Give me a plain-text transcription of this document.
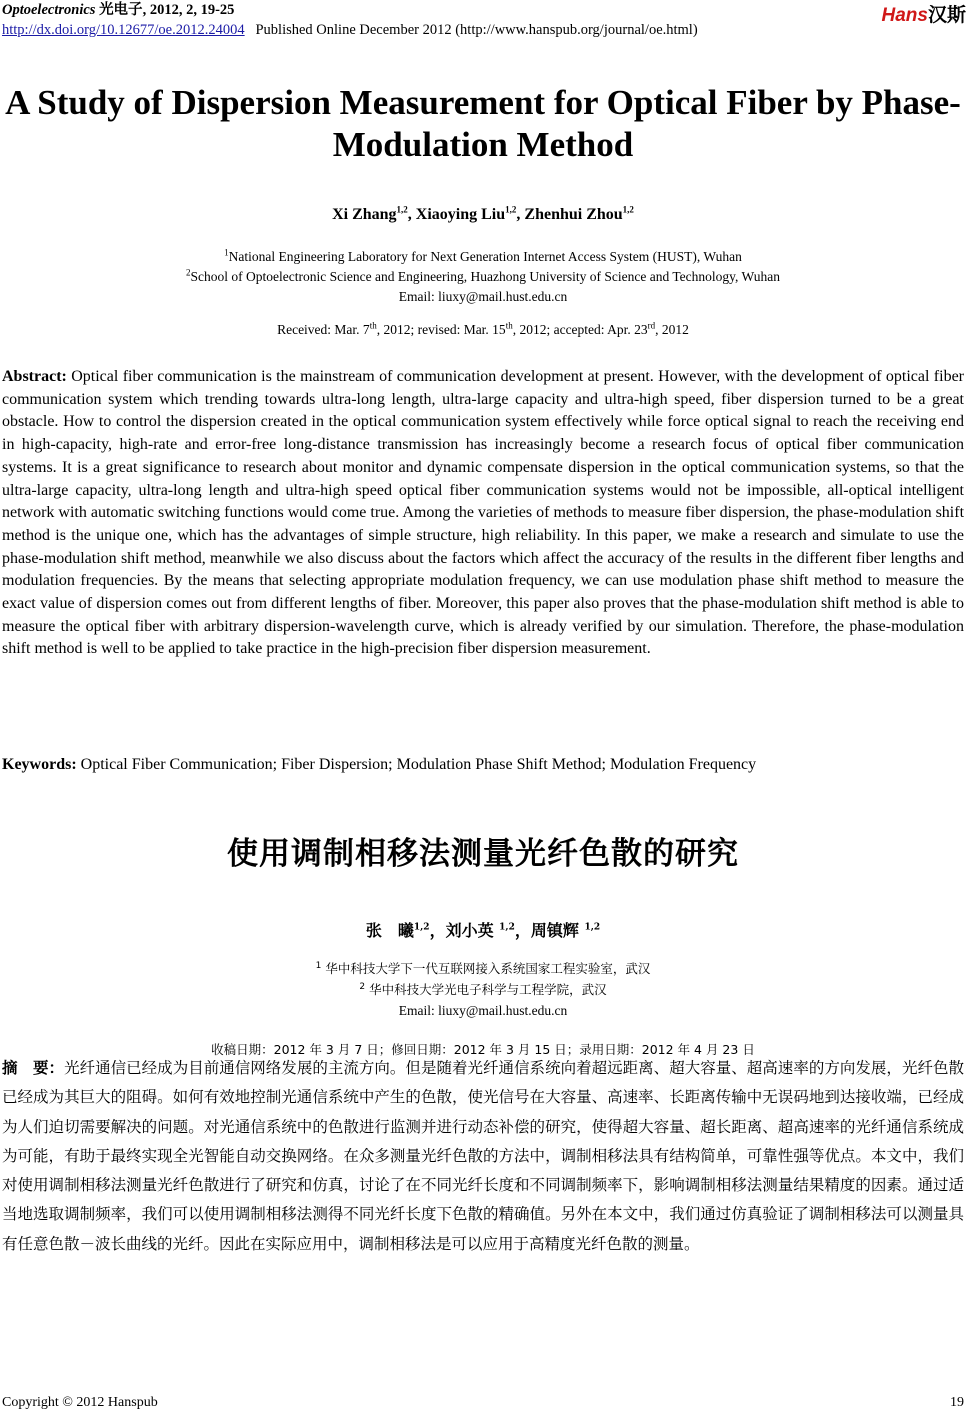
Optoelectronics 光电子, 2012, 2, 19-25
http://dx.doi.org/10.12677/oe.2012.24004 Published Online December 2012 (http://www.hanspub.org/journal/oe.html)
Hans汉斯
A Study of Dispersion Measurement for Optical Fiber by Phase-Modulation Method
Xi Zhang$^{1,2}$, Xiaoying Liu$^{1,2}$, Zhenhui Zhou$^{1,2}$
$^1$National Engineering Laboratory for Next Generation Internet Access System (HUST), Wuhan
$^2$School of Optoelectronic Science and Engineering, Huazhong University of Science and Technology, Wuhan
Email: liuxy@mail.hust.edu.cn
Received: Mar. 7th, 2012; revised: Mar. 15th, 2012; accepted: Apr. 23rd, 2012
Abstract: Optical fiber communication is the mainstream of communication development at present. However, with the development of optical fiber communication system which trending towards ultra-long length, ultra-large capacity and ultra-high speed, fiber dispersion turned to be a great obstacle. How to control the dispersion created in the optical communication system effectively while force optical signal to reach the receiving end in high-capacity, high-rate and error-free long-distance transmission has increasingly become a research focus of optical fiber communication systems. It is a great significance to research about monitor and dynamic compensate dispersion in the optical communication systems, so that the ultra-large capacity, ultra-long length and ultra-high speed optical fiber communication systems would not be impossible, all-optical intelligent network with automatic switching functions would come true. Among the varieties of methods to measure fiber dispersion, the phase-modulation shift method is the unique one, which has the advantages of simple structure, high reliability. In this paper, we make a research and simulate to use the phase-modulation shift method, meanwhile we also discuss about the factors which affect the accuracy of the results in the different fiber lengths and modulation frequencies. By the means that selecting appropriate modulation frequency, we can use modulation phase shift method to measure the exact value of dispersion comes out from different lengths of fiber. Moreover, this paper also proves that the phase-modulation shift method is able to measure the optical fiber with arbitrary dispersion-wavelength curve, which is already verified by our simulation. Therefore, the phase-modulation shift method is well to be applied to take practice in the high-precision fiber dispersion measurement.
Keywords: Optical Fiber Communication; Fiber Dispersion; Modulation Phase Shift Method; Modulation Frequency
使用调制相移法测量光纤色散的研究
张　曦$^{1,2}$，刘小英 $^{1,2}$，周镇辉 $^{1,2}$
$^1$ 华中科技大学下一代互联网接入系统国家工程实验室，武汉
$^2$ 华中科技大学光电子科学与工程学院，武汉
Email: liuxy@mail.hust.edu.cn
收稿日期：2012 年 3 月 7 日；修回日期：2012 年 3 月 15 日；录用日期：2012 年 4 月 23 日
摘　要：光纤通信已经成为目前通信网络发展的主流方向。但是随着光纤通信系统向着超远距离、超大容量、超高速率的方向发展，光纤色散已经成为其巨大的阻碍。如何有效地控制光通信系统中产生的色散，使光信号在大容量、高速率、长距离传输中无误码地到达接收端，已经成为人们迫切需要解决的问题。对光通信系统中的色散进行监测并进行动态补偿的研究，使得超大容量、超长距离、超高速率的光纤通信系统成为可能，有助于最终实现全光智能自动交换网络。在众多测量光纤色散的方法中，调制相移法具有结构简单，可靠性强等优点。本文中，我们对使用调制相移法测量光纤色散进行了研究和仿真，讨论了在不同光纤长度和不同调制频率下，影响调制相移法测量结果精度的因素。通过适当地选取调制频率，我们可以使用调制相移法测得不同光纤长度下色散的精确值。另外在本文中，我们通过仿真验证了调制相移法可以测量具有任意色散－波长曲线的光纤。因此在实际应用中，调制相移法是可以应用于高精度光纤色散的测量。
Copyright © 2012 Hanspub	19
